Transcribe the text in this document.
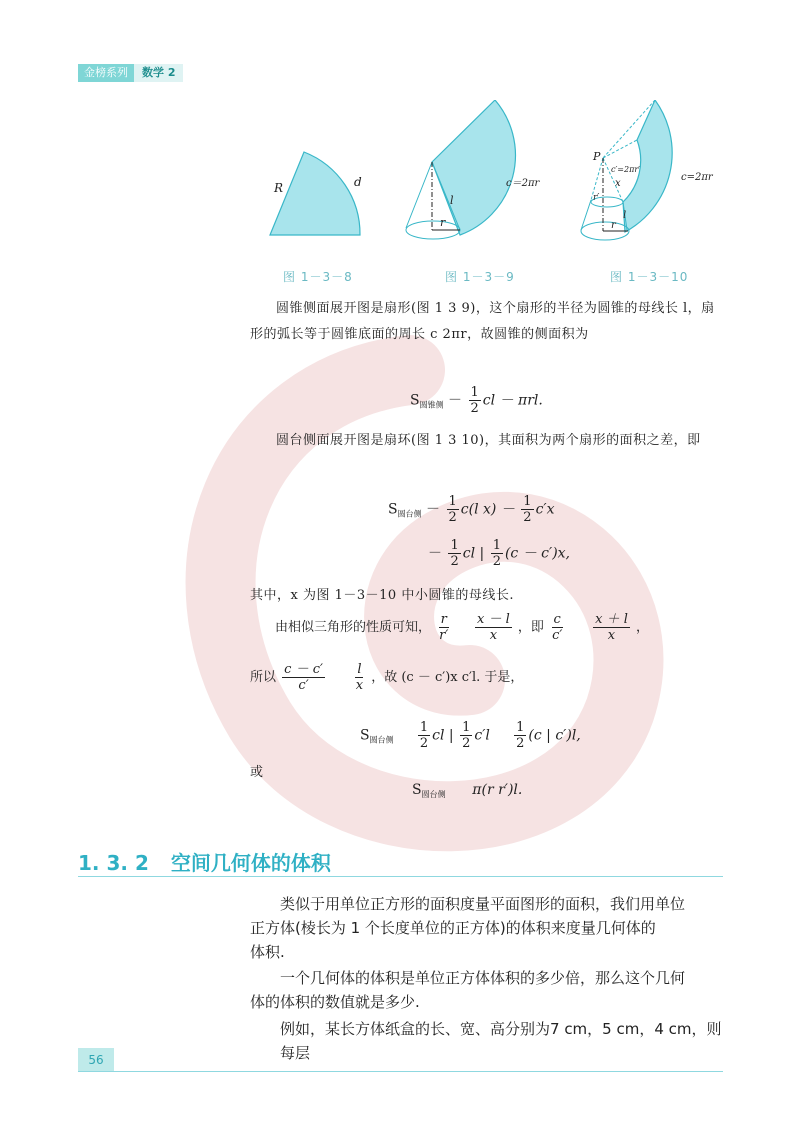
金榜系列	数学 2
R	d
图 1－3－8
l
r
c＝2πr
图 1－3－9
P
c′=2πr′
x
r′
l
r
c=2πr
图 1－3－10
圆锥侧面展开图是扇形(图 1 3 9)，这个扇形的半径为圆锥的母线长 l，扇形的弧长等于圆锥底面的周长 c 2πr，故圆锥的侧面积为
$S_{圆锥侧} - \frac{1}{2}$ cl － πrl.
圆台侧面展开图是扇环(图 1 3 10)，其面积为两个扇形的面积之差，即
$S_{圆台侧} - \frac{1}{2} c(l$ $x) - \frac{1}{2} c'x$
－ $\frac{1}{2}$ cl | $\frac{1}{2} (c - c')x$,
其中，x 为图 1－3－10 中小圆锥的母线长.
由相似三角形的性质可知， $\frac{r}{r'}$
$\frac{x - l}{x}$ ，即 $\frac{c}{c'}$
$\frac{x + l}{x}$ ，
所以 $\frac{c - c'}{c'}$
$\frac{l}{x}$ ，故 (c － c′)x c′l. 于是，
$S_{圆台侧} \frac{1}{2}$ cl | $\frac{1}{2} c'l \frac{1}{2} (c$ | c′)l,
或
$S_{圆台侧}$ π(r r′)l.
1. 3. 2 空间几何体的体积
类似于用单位正方形的面积度量平面图形的面积，我们用单位
正方体(棱长为 1 个长度单位的正方体)的体积来度量几何体的
体积.
一个几何体的体积是单位正方体体积的多少倍，那么这个几何
体的体积的数值就是多少.
例如，某长方体纸盒的长、宽、高分别为7 cm，5 cm，4 cm，则每层
56
